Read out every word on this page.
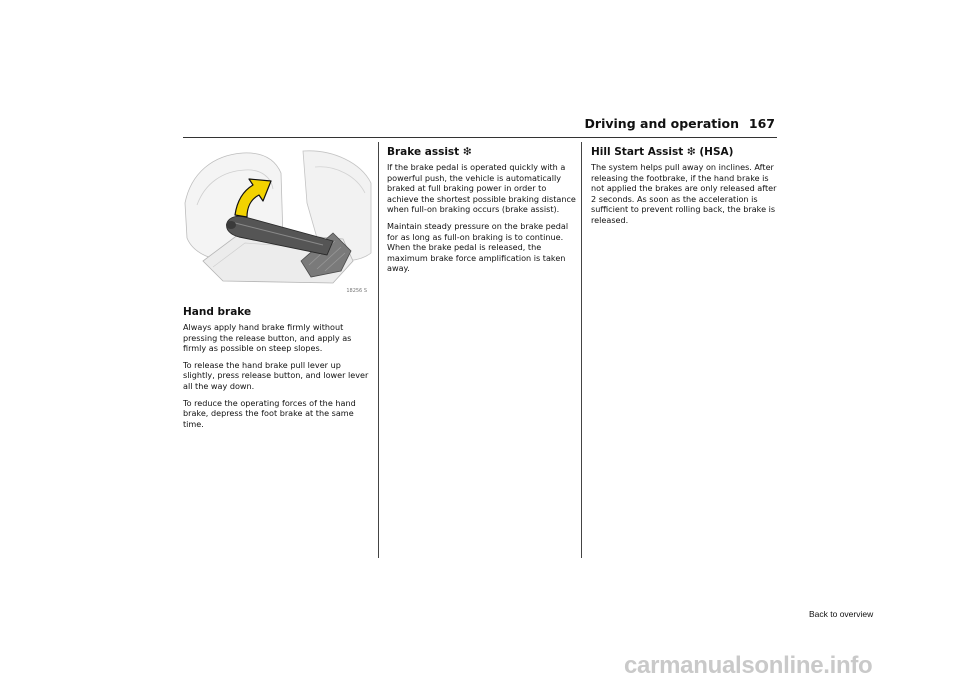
Driving and operation 167
18256 S
Hand brake

Always apply hand brake firmly without pressing the release button, and apply as firmly as possible on steep slopes.

To release the hand brake pull lever up slightly, press release button, and lower lever all the way down.

To reduce the operating forces of the hand brake, depress the foot brake at the same time.

Brake assist ❇

If the brake pedal is operated quickly with a powerful push, the vehicle is automatically braked at full braking power in order to achieve the shortest possible braking distance when full-on braking occurs (brake assist).

Maintain steady pressure on the brake pedal for as long as full-on braking is to continue. When the brake pedal is released, the maximum brake force amplification is taken away.

Hill Start Assist ❇ (HSA)

The system helps pull away on inclines. After releasing the footbrake, if the hand brake is not applied the brakes are only released after 2 seconds. As soon as the acceleration is sufficient to prevent rolling back, the brake is released.

Back to overview
carmanualsonline.info
